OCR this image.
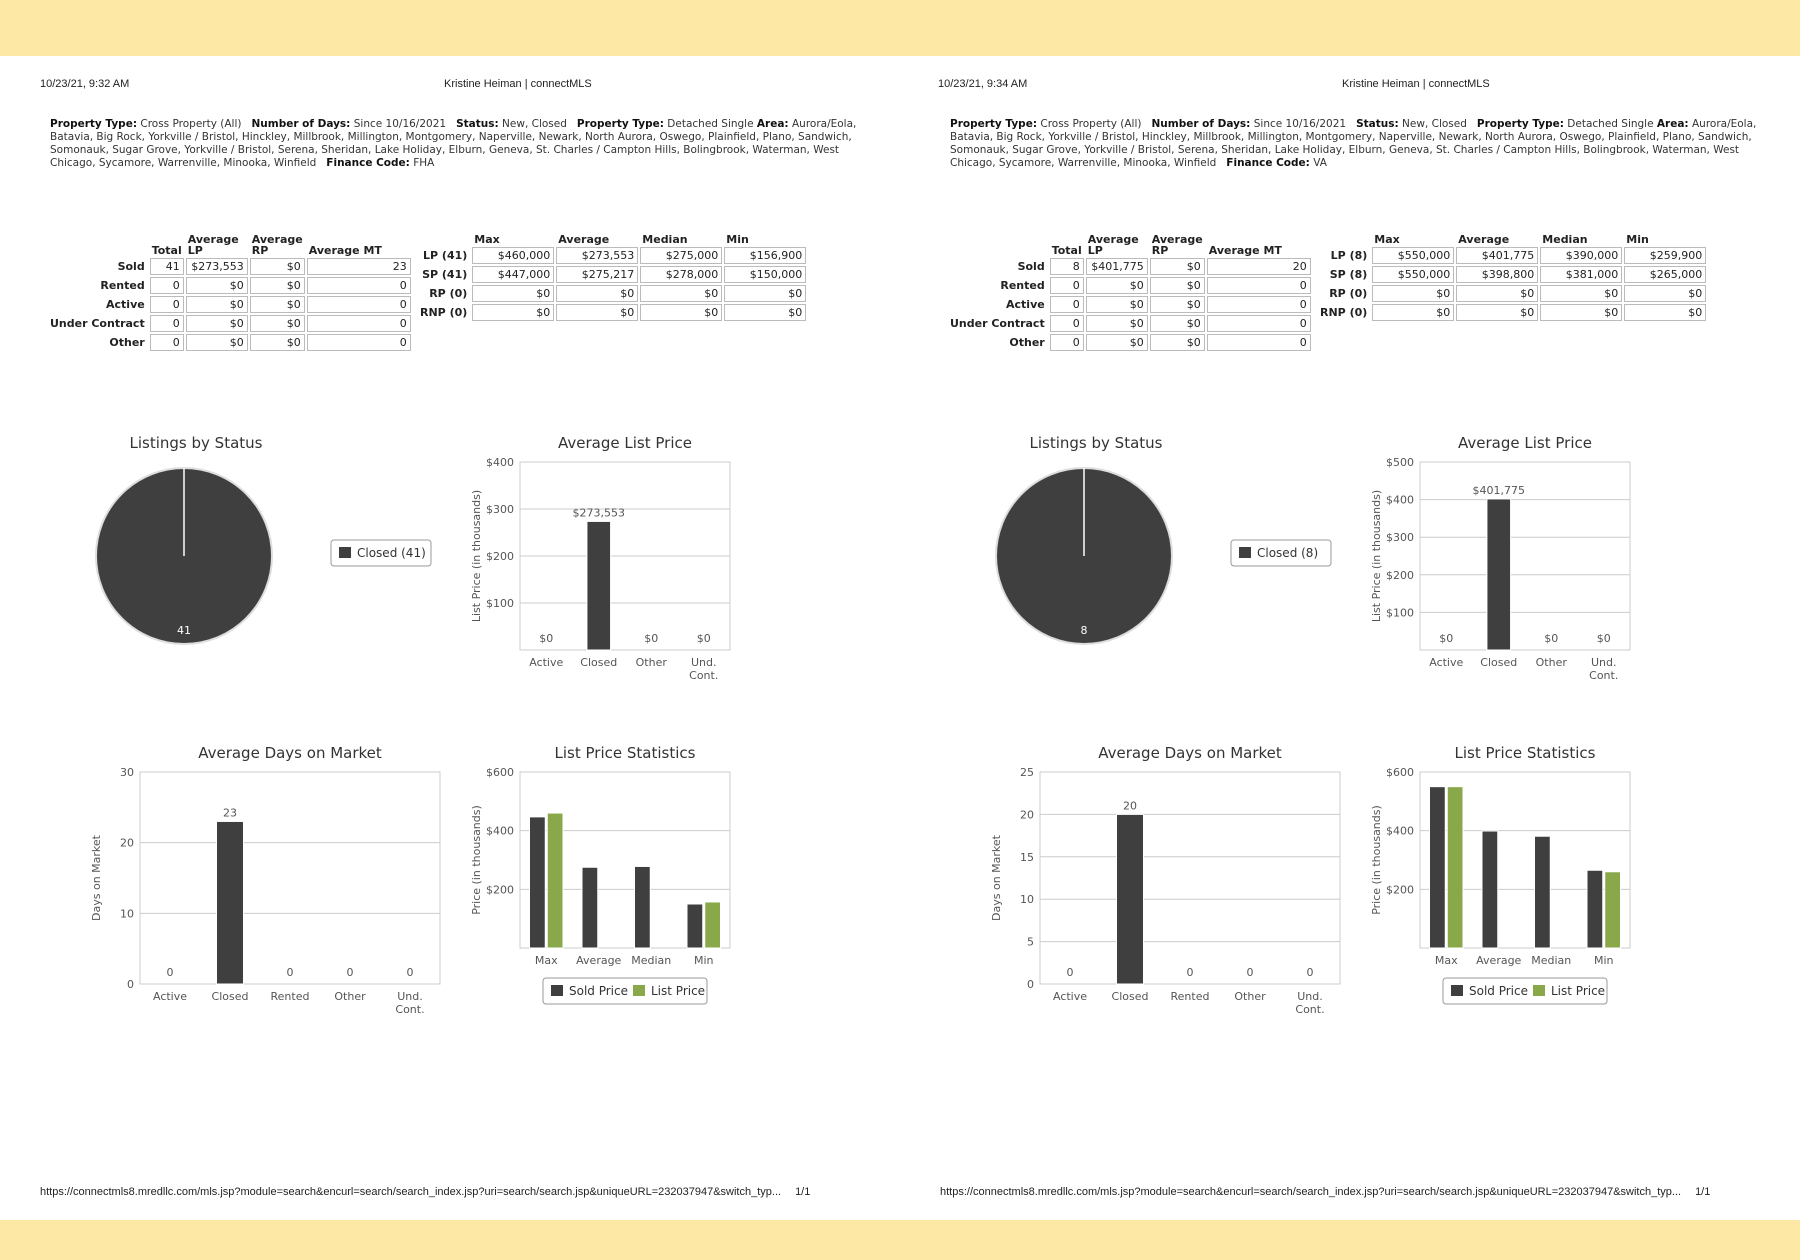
10/23/21, 9:32 AM	Kristine Heiman | connectMLS
Property Type: Cross Property (All) Number of Days: Since 10/16/2021 Status: New, Closed Property Type: Detached Single Area: Aurora/Eola, Batavia, Big Rock, Yorkville / Bristol, Hinckley, Millbrook, Millington, Montgomery, Naperville, Newark, North Aurora, Oswego, Plainfield, Plano, Sandwich, Somonauk, Sugar Grove, Yorkville / Bristol, Serena, Sheridan, Lake Holiday, Elburn, Geneva, St. Charles / Campton Hills, Bolingbrook, Waterman, West Chicago, Sycamore, Warrenville, Minooka, Winfield Finance Code: FHA
	Total	Average LP	Average RP	Average MT
Sold	41	$273,553	$0	23
Rented	0	$0	$0	0
Active	0	$0	$0	0
Under Contract	0	$0	$0	0
Other	0	$0	$0	0
	Max	Average	Median	Min
LP (41)	$460,000	$273,553	$275,000	$156,900
SP (41)	$447,000	$275,217	$278,000	$150,000
RP (0)	$0	$0	$0	$0
RNP (0)	$0	$0	$0	$0
Listings by Status
41
Closed (41)
Average List Price
$100
$200
$300
$400
List Price (in thousands)
Active Closed Other Und. Cont.
$0
$273,553
$0	$0
Average Days on Market
0
10
20
30
Days on Market
Active Closed Rented Other	Und. Cont.
0
23
0	0	0
List Price Statistics
$200
$400
$600
Price (in thousands)
Max Average Median Min
Sold Price List Price
https://connectmls8.mredllc.com/mls.jsp?module=search&encurl=search/search_index.jsp?uri=search/search.jsp&uniqueURL=232037947&switch_typ... 1/1
10/23/21, 9:34 AM	Kristine Heiman | connectMLS
Property Type: Cross Property (All) Number of Days: Since 10/16/2021 Status: New, Closed Property Type: Detached Single Area: Aurora/Eola, Batavia, Big Rock, Yorkville / Bristol, Hinckley, Millbrook, Millington, Montgomery, Naperville, Newark, North Aurora, Oswego, Plainfield, Plano, Sandwich, Somonauk, Sugar Grove, Yorkville / Bristol, Serena, Sheridan, Lake Holiday, Elburn, Geneva, St. Charles / Campton Hills, Bolingbrook, Waterman, West Chicago, Sycamore, Warrenville, Minooka, Winfield Finance Code: VA
	Total	Average LP	Average RP	Average MT
Sold	8	$401,775	$0	20
Rented	0	$0	$0	0
Active	0	$0	$0	0
Under Contract	0	$0	$0	0
Other	0	$0	$0	0
	Max	Average	Median	Min
LP (8)	$550,000	$401,775	$390,000	$259,900
SP (8)	$550,000	$398,800	$381,000	$265,000
RP (0)	$0	$0	$0	$0
RNP (0)	$0	$0	$0	$0
Listings by Status
8
Closed (8)
Average List Price
$100
$200
$300
$400
$500
List Price (in thousands)
Active Closed Other Und. Cont.
$0
$401,775
$0	$0
Average Days on Market
0
5
10
15
20
25
Days on Market
Active Closed Rented Other	Und. Cont.
0
20
0	0	0
List Price Statistics
$200
$400
$600
Price (in thousands)
Max Average Median Min
Sold Price List Price
https://connectmls8.mredllc.com/mls.jsp?module=search&encurl=search/search_index.jsp?uri=search/search.jsp&uniqueURL=232037947&switch_typ... 1/1
